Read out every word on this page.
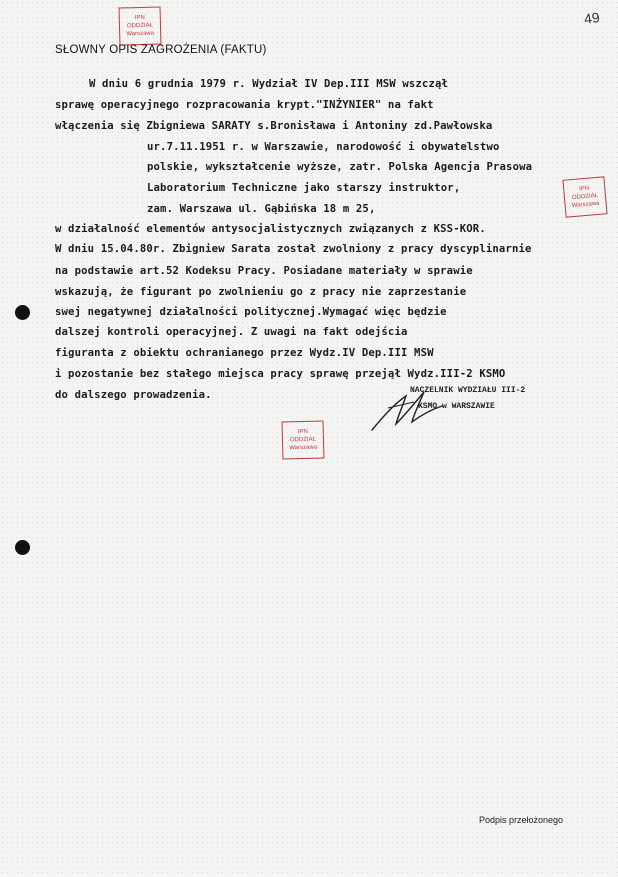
IPN
ODDZIAŁ
Warszawa
IPN
ODDZIAŁ
Warszawa
IPN
ODDZIAŁ
Warszawa
49
SŁOWNY OPIS ZAGROŻENIA (FAKTU)
W dniu 6 grudnia 1979 r. Wydział IV Dep.III MSW wszczął
sprawę operacyjnego rozpracowania krypt."INŻYNIER" na fakt
włączenia się Zbigniewa SARATY s.Bronisława i Antoniny zd.Pawłowska
ur.7.11.1951 r. w Warszawie, narodowość i obywatelstwo
polskie, wykształcenie wyższe, zatr. Polska Agencja Prasowa
Laboratorium Techniczne jako starszy instruktor,
zam. Warszawa ul. Gąbińska 18 m 25,
w działalność elementów antysocjalistycznych związanych z KSS-KOR.
W dniu 15.04.80r. Zbigniew Sarata został zwolniony z pracy dyscyplinarnie
na podstawie art.52 Kodeksu Pracy. Posiadane materiały w sprawie
wskazują, że figurant po zwolnieniu go z pracy nie zaprzestanie
swej negatywnej działalności politycznej.Wymagać więc będzie
dalszej kontroli operacyjnej. Z uwagi na fakt odejścia
figuranta z obiektu ochranianego przez Wydz.IV Dep.III MSW
i pozostanie bez stałego miejsca pracy sprawę przejął Wydz.III-2 KSMO
do dalszego prowadzenia.	NACZELNIK WYDZIAŁU III-2
KSMO w WARSZAWIE
Podpis przełożonego
